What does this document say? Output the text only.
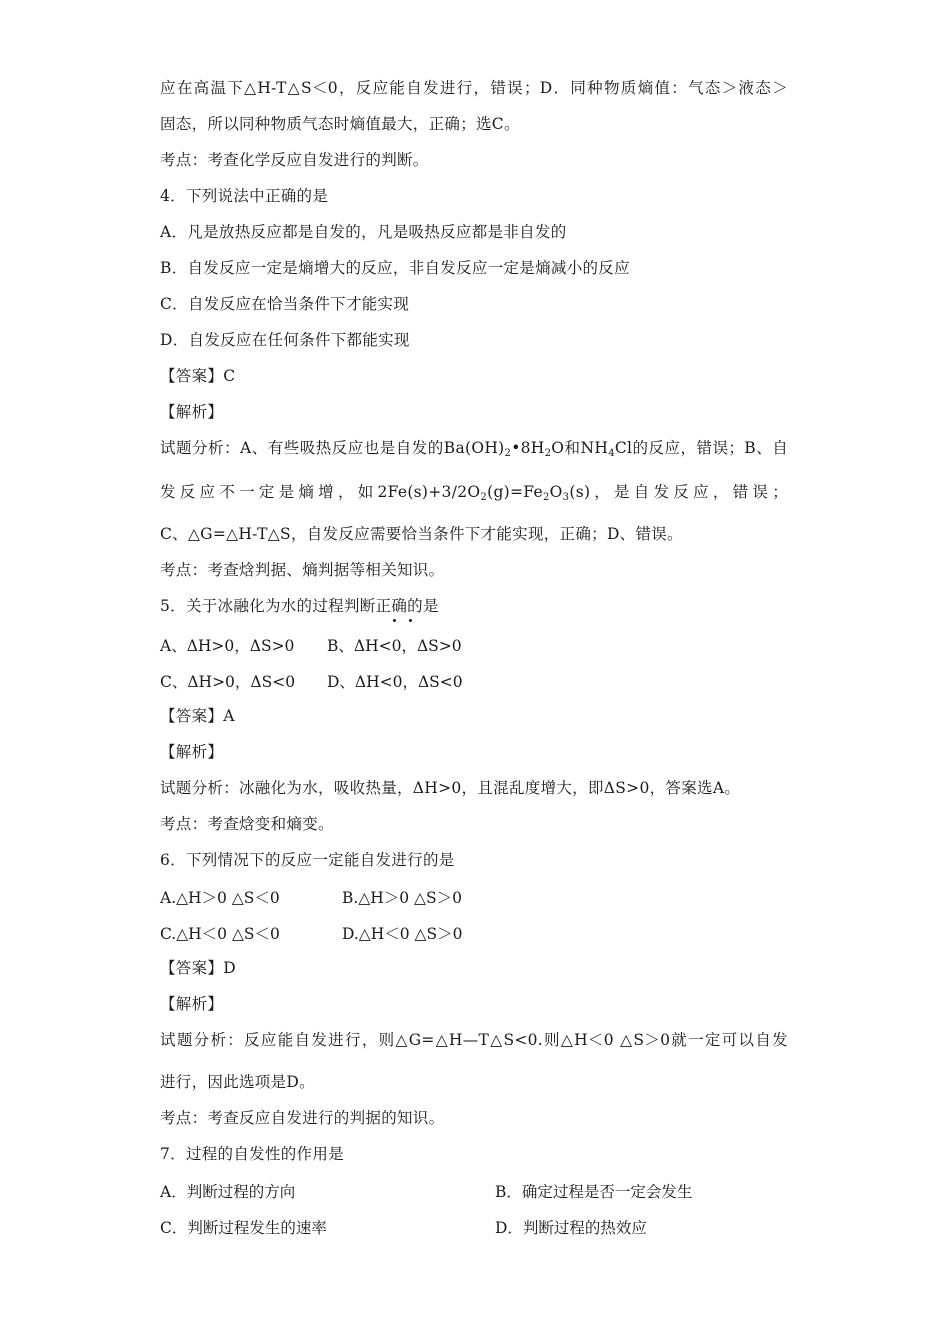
应在高温下△H-T△S＜0，反应能自发进行，错误；D．同种物质熵值：气态＞液态＞
固态，所以同种物质气态时熵值最大，正确；选C。
考点：考查化学反应自发进行的判断。
4．下列说法中正确的是
A．凡是放热反应都是自发的，凡是吸热反应都是非自发的
B．自发反应一定是熵增大的反应，非自发反应一定是熵减小的反应
C．自发反应在恰当条件下才能实现
D．自发反应在任何条件下都能实现
【答案】C
【解析】
试题分析：A、有些吸热反应也是自发的$Ba(OH)_2•8H_2O$和$NH_4Cl$的反应，错误；B、自
发反应不一定是熵增，如$2Fe(s)+3/2O_2(g)=Fe_2O_3(s)$，是自发反应，错误；
C、△G=△H-T△S，自发反应需要恰当条件下才能实现，正确；D、错误。
考点：考查焓判据、熵判据等相关知识。
5．关于冰融化为水的过程判断正确的是
A、ΔH>0，ΔS>0 B、ΔH<0，ΔS>0
C、ΔH>0，ΔS<0 D、ΔH<0，ΔS<0
【答案】A
【解析】
试题分析：冰融化为水，吸收热量，ΔH>0，且混乱度增大，即ΔS>0，答案选A。
考点：考查焓变和熵变。
6．下列情况下的反应一定能自发进行的是
A.△H＞0 △S＜0	B.△H＞0 △S＞0
C.△H＜0 △S＜0	D.△H＜0 △S＞0
【答案】D
【解析】
试题分析：反应能自发进行，则△G=△H—T△S<0.则△H＜0 △S＞0就一定可以自发
进行，因此选项是D。
考点：考查反应自发进行的判据的知识。
7．过程的自发性的作用是
A．判断过程的方向	B．确定过程是否一定会发生
C．判断过程发生的速率	D．判断过程的热效应
